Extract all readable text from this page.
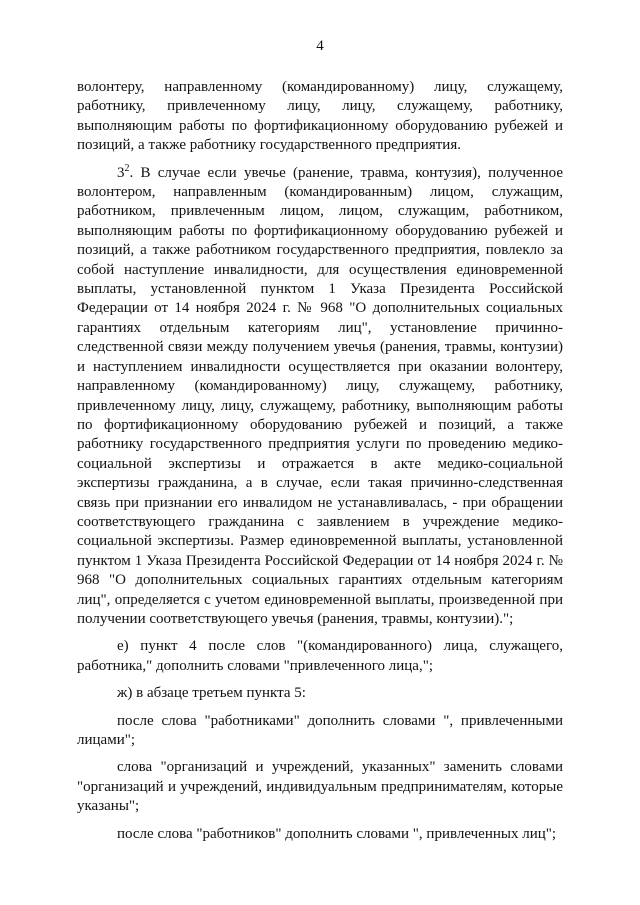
4

волонтеру, направленному (командированному) лицу, служащему, работнику, привлеченному лицу, лицу, служащему, работнику, выполняющим работы по фортификационному оборудованию рубежей и позиций, а также работнику государственного предприятия.

$3^2$. В случае если увечье (ранение, травма, контузия), полученное волонтером, направленным (командированным) лицом, служащим, работником, привлеченным лицом, лицом, служащим, работником, выполняющим работы по фортификационному оборудованию рубежей и позиций, а также работником государственного предприятия, повлекло за собой наступление инвалидности, для осуществления единовременной выплаты, установленной пунктом 1 Указа Президента Российской Федерации от 14 ноября 2024 г. № 968 "О дополнительных социальных гарантиях отдельным категориям лиц", установление причинно-следственной связи между получением увечья (ранения, травмы, контузии) и наступлением инвалидности осуществляется при оказании волонтеру, направленному (командированному) лицу, служащему, работнику, привлеченному лицу, лицу, служащему, работнику, выполняющим работы по фортификационному оборудованию рубежей и позиций, а также работнику государственного предприятия услуги по проведению медико-социальной экспертизы и отражается в акте медико-социальной экспертизы гражданина, а в случае, если такая причинно-следственная связь при признании его инвалидом не устанавливалась, - при обращении соответствующего гражданина с заявлением в учреждение медико-социальной экспертизы. Размер единовременной выплаты, установленной пунктом 1 Указа Президента Российской Федерации от 14 ноября 2024 г. № 968 "О дополнительных социальных гарантиях отдельным категориям лиц", определяется с учетом единовременной выплаты, произведенной при получении соответствующего увечья (ранения, травмы, контузии).";

е) пункт 4 после слов "(командированного) лица, служащего, работника," дополнить словами "привлеченного лица,";

ж) в абзаце третьем пункта 5:

после слова "работниками" дополнить словами ", привлеченными лицами";

слова "организаций и учреждений, указанных" заменить словами "организаций и учреждений, индивидуальным предпринимателям, которые указаны";

после слова "работников" дополнить словами ", привлеченных лиц";
